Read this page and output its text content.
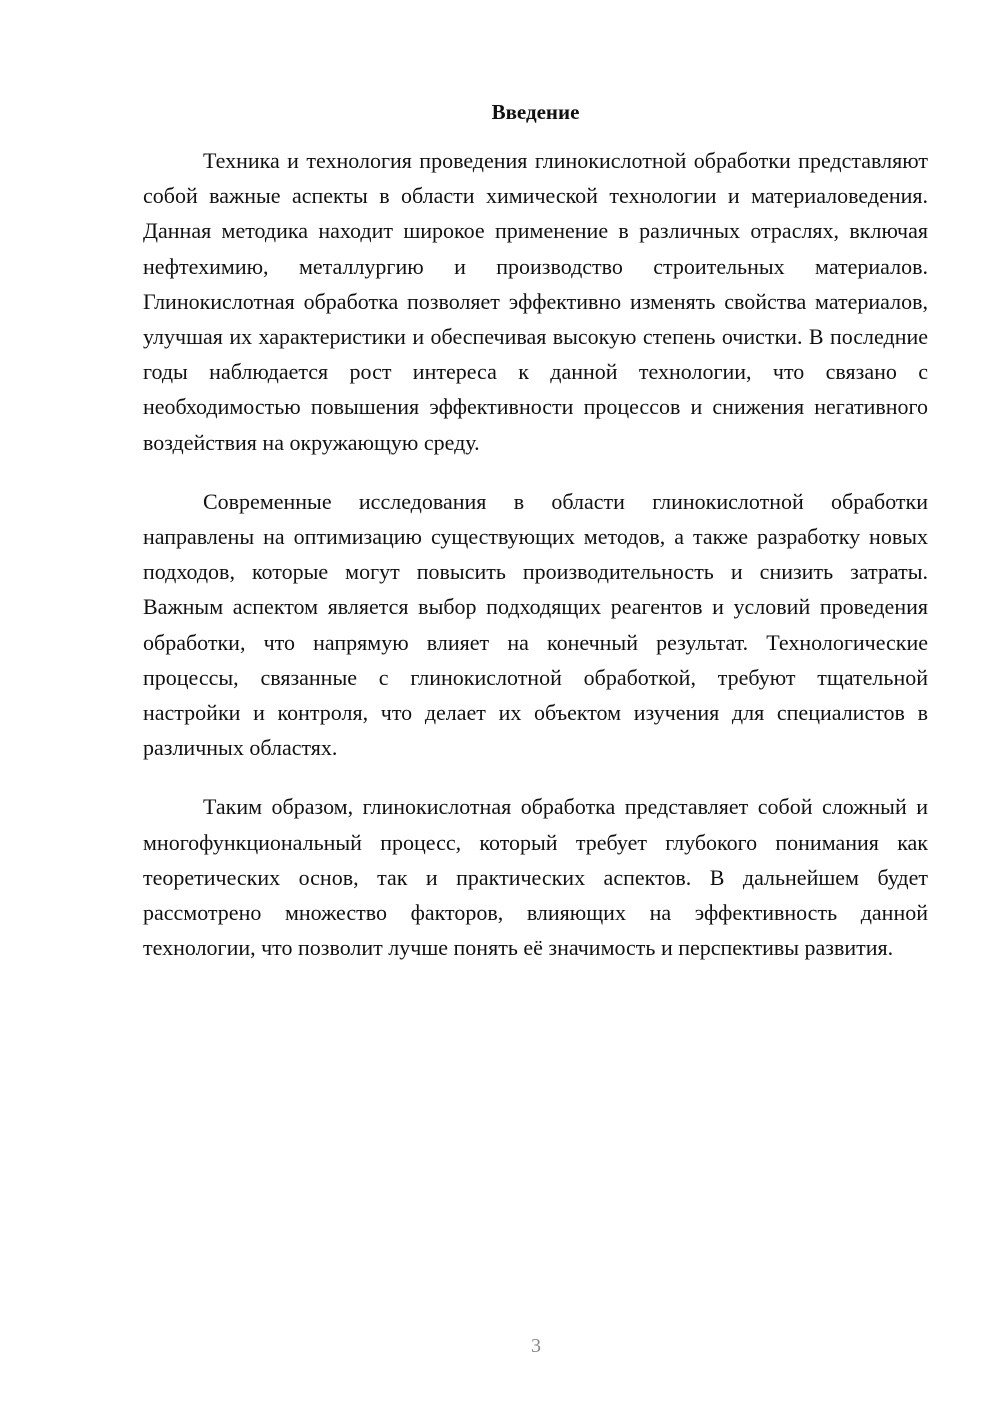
Введение

Техника и технология проведения глинокислотной обработки представляют собой важные аспекты в области химической технологии и материаловедения. Данная методика находит широкое применение в различных отраслях, включая нефтехимию, металлургию и производство строительных материалов. Глинокислотная обработка позволяет эффективно изменять свойства материалов, улучшая их характеристики и обеспечивая высокую степень очистки. В последние годы наблюдается рост интереса к данной технологии, что связано с необходимостью повышения эффективности процессов и снижения негативного воздействия на окружающую среду.

Современные исследования в области глинокислотной обработки направлены на оптимизацию существующих методов, а также разработку новых подходов, которые могут повысить производительность и снизить затраты. Важным аспектом является выбор подходящих реагентов и условий проведения обработки, что напрямую влияет на конечный результат. Технологические процессы, связанные с глинокислотной обработкой, требуют тщательной настройки и контроля, что делает их объектом изучения для специалистов в различных областях.

Таким образом, глинокислотная обработка представляет собой сложный и многофункциональный процесс, который требует глубокого понимания как теоретических основ, так и практических аспектов. В дальнейшем будет рассмотрено множество факторов, влияющих на эффективность данной технологии, что позволит лучше понять её значимость и перспективы развития.

3
